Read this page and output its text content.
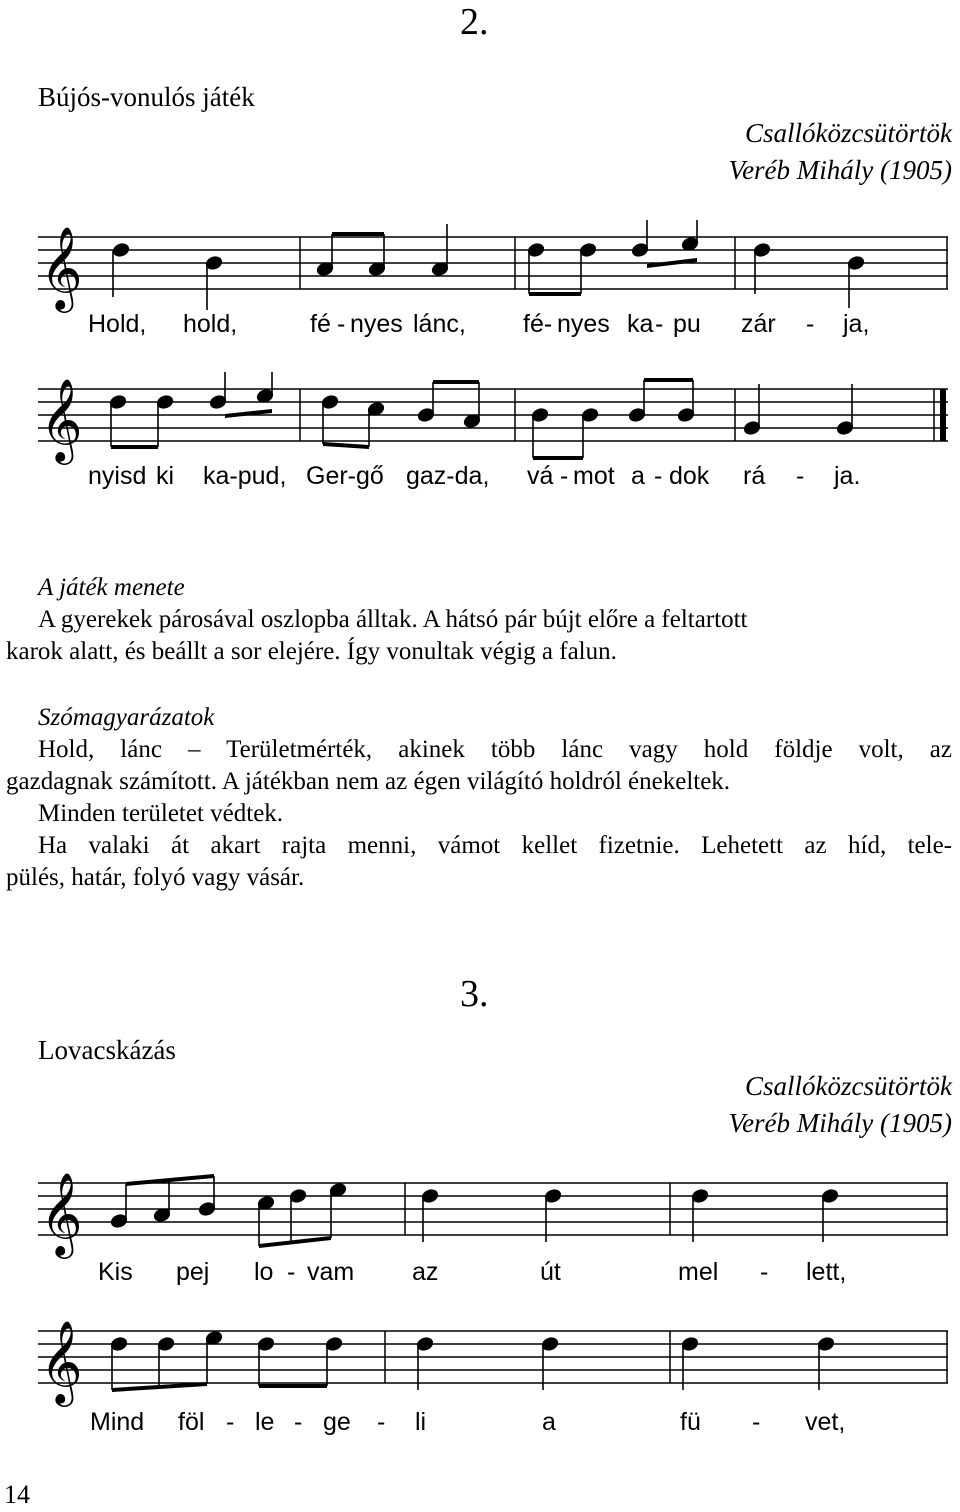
2.
Bújós-vonulós játék
Csallóközcsütörtök
Veréb Mihály (1905)
𝄞
Hold, hold,	fé - nyes lánc, fé- nyes ka - pu zár - ja,
𝄞
nyisd ki ka-pud, Ger-gő gaz-da, vá - mot a - dok rá - ja.

A játék menete

A gyerekek párosával oszlopba álltak. A hátsó pár bújt előre a feltartott

karok alatt, és beállt a sor elejére. Így vonultak végig a falun.

Szómagyarázatok

Hold, lánc – Területmérték, akinek több lánc vagy hold földje volt, az

gazdagnak számított. A játékban nem az égen világító holdról énekeltek.

Minden területet védtek.

Ha valaki át akart rajta menni, vámot kellet fizetnie. Lehetett az híd, tele-

pülés, határ, folyó vagy vásár.

3.
Lovacskázás
Csallóközcsütörtök
Veréb Mihály (1905)
𝄞
Kis pej lo - vam az	út	mel - lett,
𝄞
Mind föl - le - ge - li	a	fü - vet,
14
